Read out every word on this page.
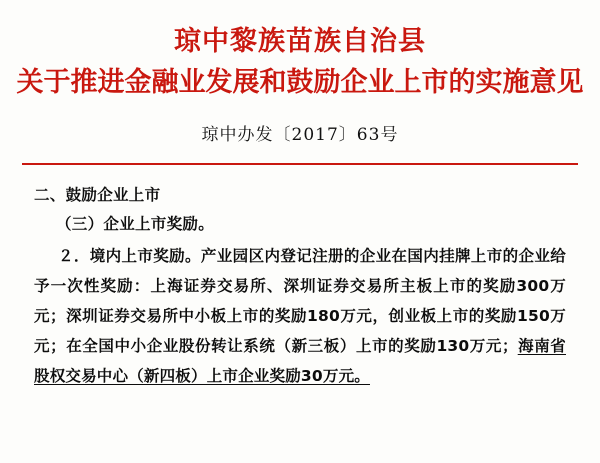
琼中黎族苗族自治县
关于推进金融业发展和鼓励企业上市的实施意见
琼中办发〔2017〕63号
二、鼓励企业上市
（三）企业上市奖励。
２．境内上市奖励。产业园区内登记注册的企业在国内挂牌上市的企业给予一次性奖励：上海证券交易所、深圳证券交易所主板上市的奖励300万元；深圳证券交易所中小板上市的奖励180万元，创业板上市的奖励150万元；在全国中小企业股份转让系统（新三板）上市的奖励130万元；海南省股权交易中心（新四板）上市企业奖励30万元。
